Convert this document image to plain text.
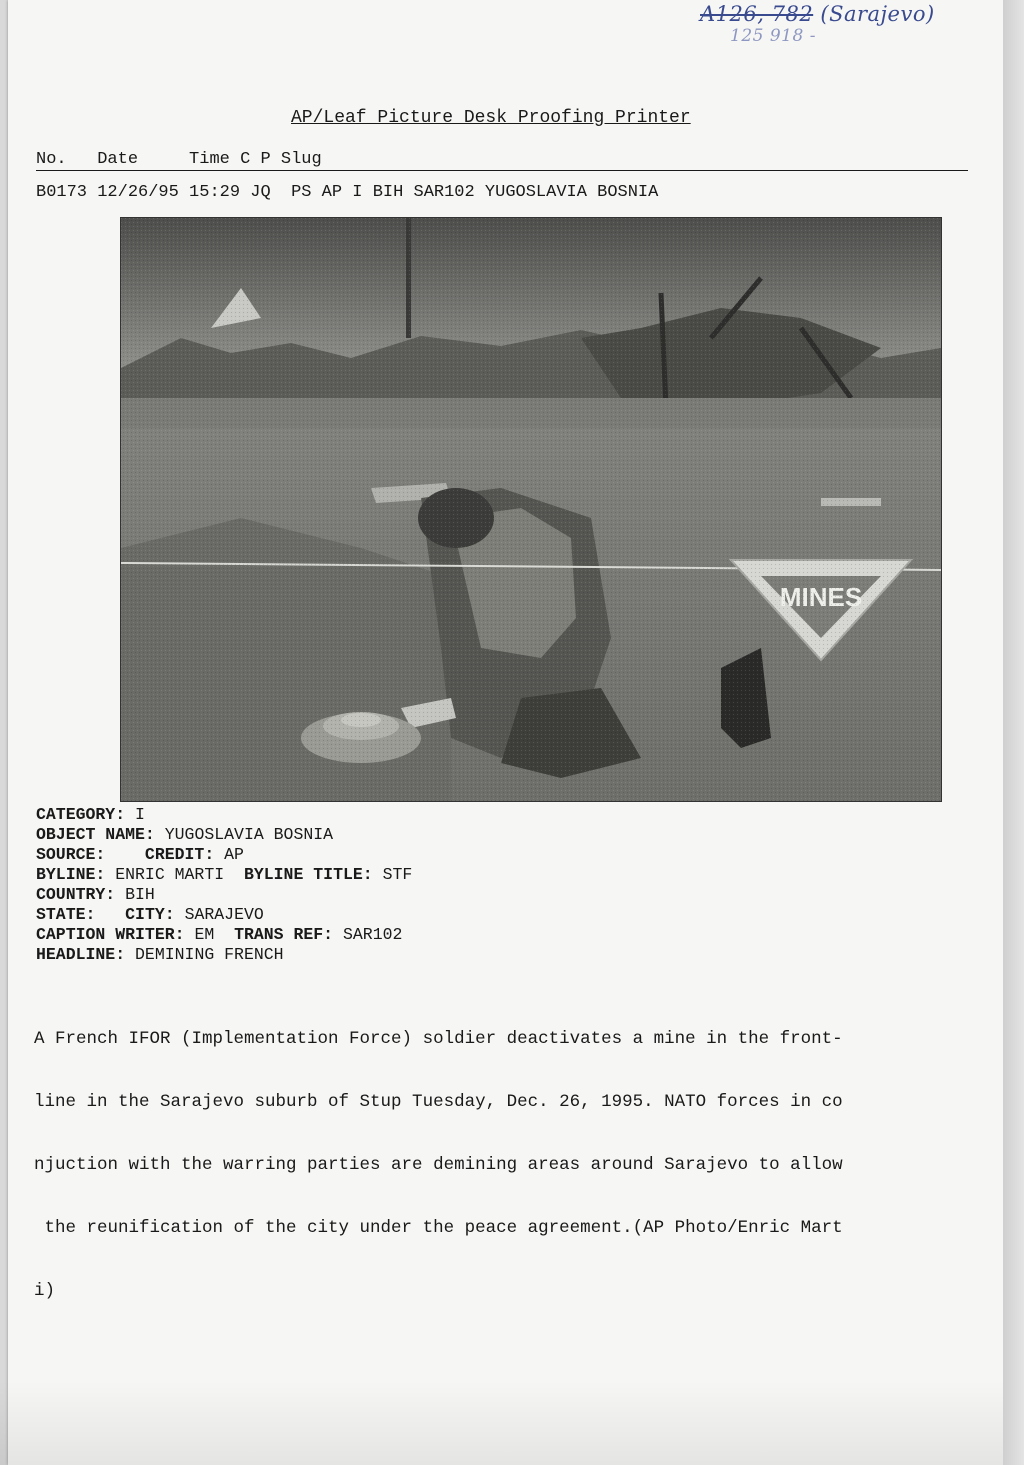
A126, 782 (Sarajevo)
125 918 -
AP/Leaf Picture Desk Proofing Printer
No. Date	Time C P Slug
B0173 12/26/95 15:29 JQ PS AP I BIH SAR102 YUGOSLAVIA BOSNIA
CATEGORY: I
OBJECT NAME: YUGOSLAVIA BOSNIA
SOURCE: CREDIT: AP
BYLINE: ENRIC MARTI BYLINE TITLE: STF
COUNTRY: BIH
STATE: CITY: SARAJEVO
CAPTION WRITER: EM TRANS REF: SAR102
HEADLINE: DEMINING FRENCH

A French IFOR (Implementation Force) soldier deactivates a mine in the front-

line in the Sarajevo suburb of Stup Tuesday, Dec. 26, 1995. NATO forces in co

njuction with the warring parties are demining areas around Sarajevo to allow

the reunification of the city under the peace agreement.(AP Photo/Enric Mart

i)
